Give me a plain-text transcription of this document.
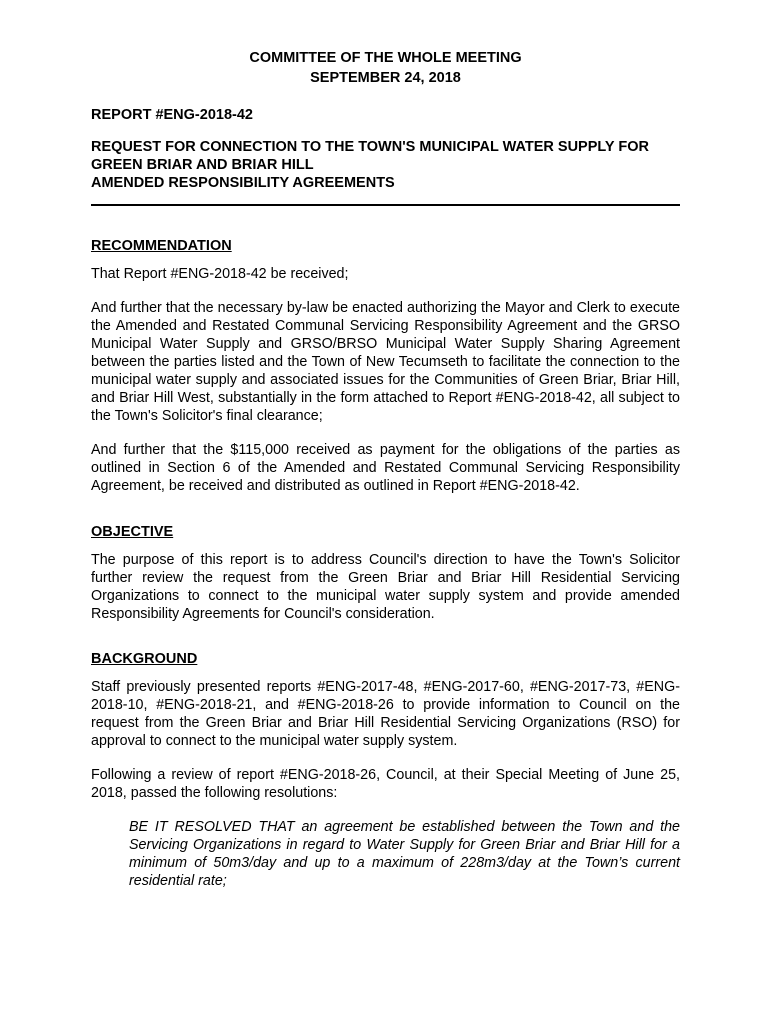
COMMITTEE OF THE WHOLE MEETING

SEPTEMBER 24, 2018

REPORT #ENG-2018-42

REQUEST FOR CONNECTION TO THE TOWN'S MUNICIPAL WATER SUPPLY FOR
GREEN BRIAR AND BRIAR HILL
AMENDED RESPONSIBILITY AGREEMENTS
RECOMMENDATION

That Report #ENG-2018-42 be received;

And further that the necessary by-law be enacted authorizing the Mayor and Clerk to execute the Amended and Restated Communal Servicing Responsibility Agreement and the GRSO Municipal Water Supply and GRSO/BRSO Municipal Water Supply Sharing Agreement between the parties listed and the Town of New Tecumseth to facilitate the connection to the municipal water supply and associated issues for the Communities of Green Briar, Briar Hill, and Briar Hill West, substantially in the form attached to Report #ENG-2018-42, all subject to the Town's Solicitor's final clearance;

And further that the $115,000 received as payment for the obligations of the parties as outlined in Section 6 of the Amended and Restated Communal Servicing Responsibility Agreement, be received and distributed as outlined in Report #ENG-2018-42.

OBJECTIVE

The purpose of this report is to address Council's direction to have the Town's Solicitor further review the request from the Green Briar and Briar Hill Residential Servicing Organizations to connect to the municipal water supply system and provide amended Responsibility Agreements for Council's consideration.

BACKGROUND

Staff previously presented reports #ENG-2017-48, #ENG-2017-60, #ENG-2017-73, #ENG-2018-10, #ENG-2018-21, and #ENG-2018-26 to provide information to Council on the request from the Green Briar and Briar Hill Residential Servicing Organizations (RSO) for approval to connect to the municipal water supply system.

Following a review of report #ENG-2018-26, Council, at their Special Meeting of June 25, 2018, passed the following resolutions:

BE IT RESOLVED THAT an agreement be established between the Town and the Servicing Organizations in regard to Water Supply for Green Briar and Briar Hill for a minimum of 50m3/day and up to a maximum of 228m3/day at the Town’s current residential rate;
